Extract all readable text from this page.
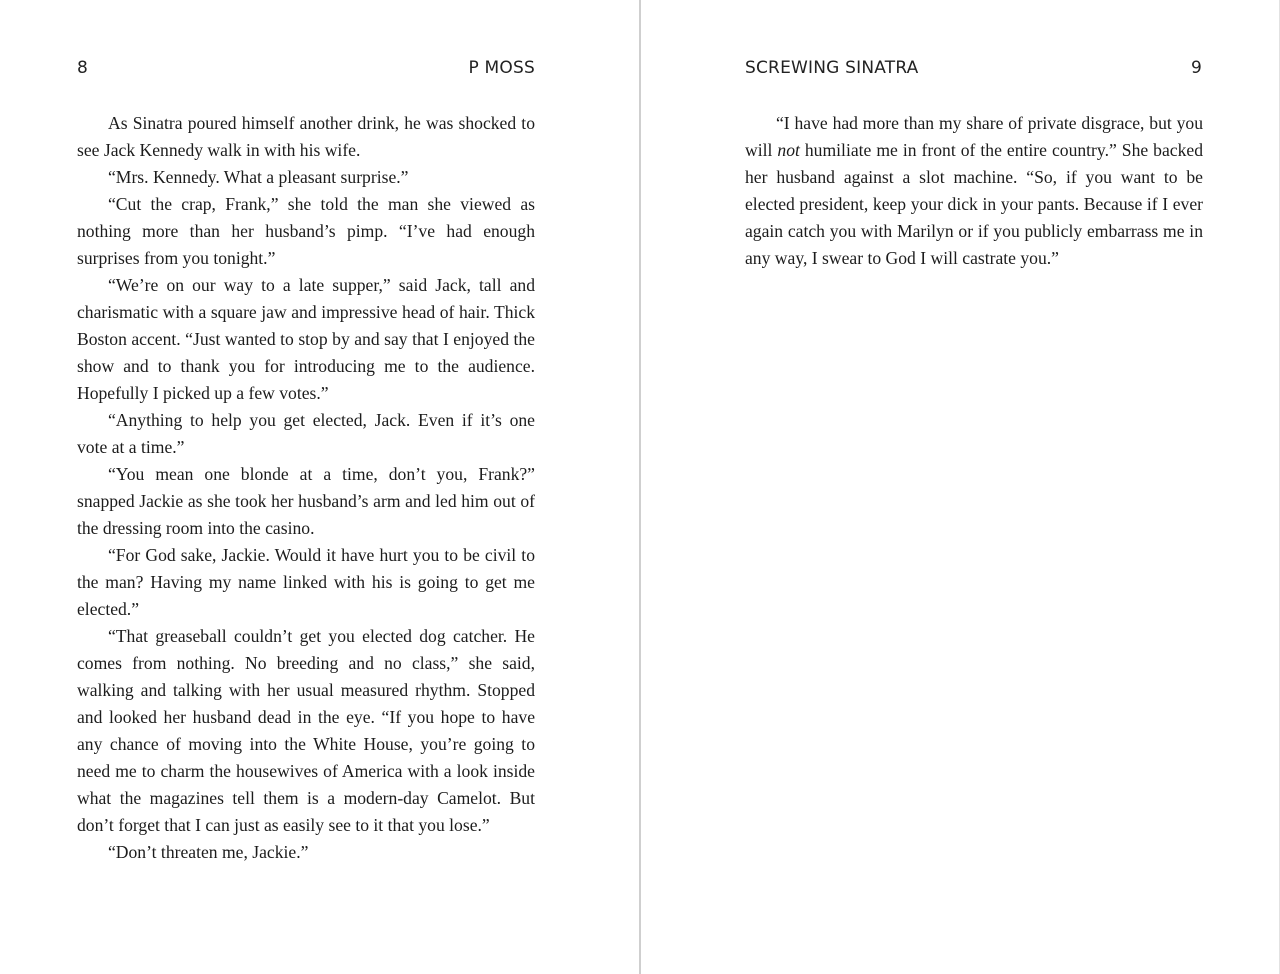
8	P MOSS

As Sinatra poured himself another drink, he was shocked to see Jack Kennedy walk in with his wife.

“Mrs. Kennedy. What a pleasant surprise.”

“Cut the crap, Frank,” she told the man she viewed as nothing more than her husband’s pimp. “I’ve had enough surprises from you tonight.”

“We’re on our way to a late supper,” said Jack, tall and charismatic with a square jaw and impressive head of hair. Thick Boston accent. “Just wanted to stop by and say that I enjoyed the show and to thank you for introducing me to the audience. Hopefully I picked up a few votes.”

“Anything to help you get elected, Jack. Even if it’s one vote at a time.”

“You mean one blonde at a time, don’t you, Frank?” snapped Jackie as she took her husband’s arm and led him out of the dressing room into the casino.

“For God sake, Jackie. Would it have hurt you to be civil to the man? Having my name linked with his is going to get me elected.”

“That greaseball couldn’t get you elected dog catcher. He comes from nothing. No breeding and no class,” she said, walking and talking with her usual measured rhythm. Stopped and looked her husband dead in the eye. “If you hope to have any chance of moving into the White House, you’re going to need me to charm the housewives of America with a look inside what the magazines tell them is a modern-day Camelot. But don’t forget that I can just as easily see to it that you lose.”

“Don’t threaten me, Jackie.”

SCREWING SINATRA	9

“I have had more than my share of private disgrace, but you will not humiliate me in front of the entire country.” She backed her husband against a slot machine. “So, if you want to be elected president, keep your dick in your pants. Because if I ever again catch you with Marilyn or if you publicly embarrass me in any way, I swear to God I will castrate you.”
